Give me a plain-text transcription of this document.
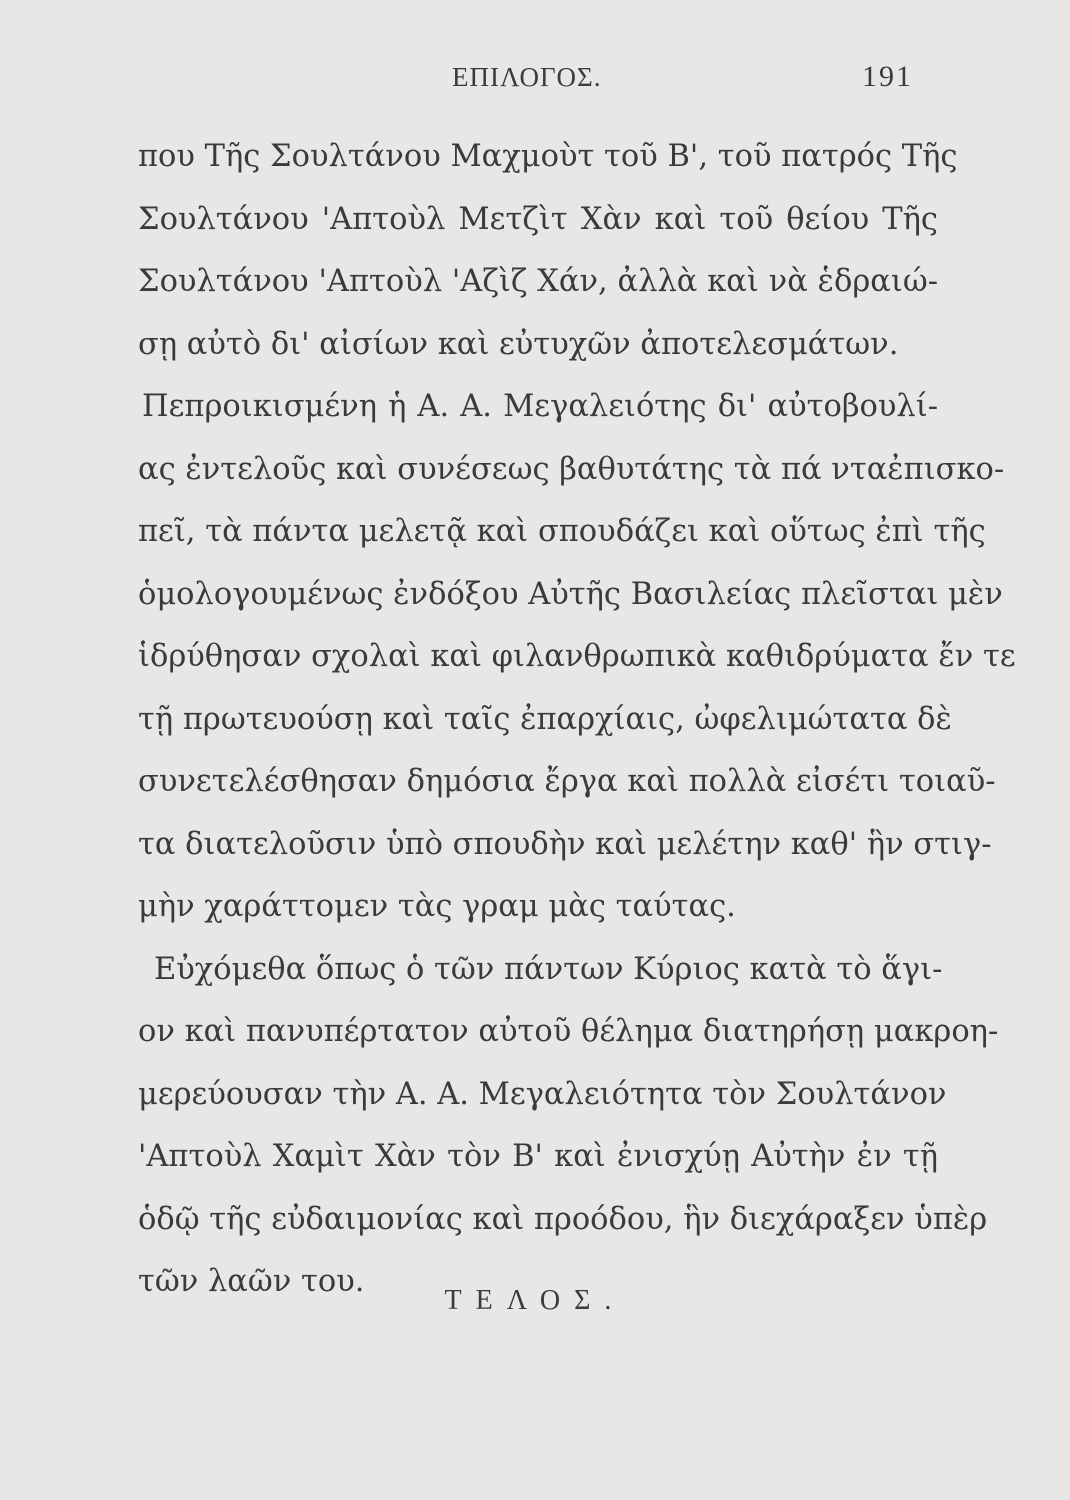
ΕΠΙΛΟΓΟΣ.	191
που Τῆς Σουλτάνου Μαχμοὺτ τοῦ Β', τοῦ πατρός Τῆς
Σουλτάνου 'Απτοὺλ Μετζὶτ Χὰν καὶ τοῦ θείου Τῆς
Σουλτάνου 'Απτοὺλ 'Αζὶζ Χάν, ἀλλὰ καὶ νὰ ἑδραιώ-
σῃ αὐτὸ δι' αἰσίων καὶ εὐτυχῶν ἀποτελεσμάτων.
Πεπροικισμένη ἡ Α. Α. Μεγαλειότης δι' αὐτοβουλί-
ας ἐντελοῦς καὶ συνέσεως βαθυτάτης τὰ πά νταἐπισκο-
πεῖ, τὰ πάντα μελετᾷ καὶ σπουδάζει καὶ οὕτως ἐπὶ τῆς
ὁμολογουμένως ἐνδόξου Αὐτῆς Βασιλείας πλεῖσται μὲν
ἱδρύθησαν σχολαὶ καὶ φιλανθρωπικὰ καθιδρύματα ἔν τε
τῇ πρωτευούσῃ καὶ ταῖς ἐπαρχίαις, ὠφελιμώτατα δὲ
συνετελέσθησαν δημόσια ἔργα καὶ πολλὰ εἰσέτι τοιαῦ-
τα διατελοῦσιν ὑπὸ σπουδὴν καὶ μελέτην καθ' ἣν στιγ-
μὴν χαράττομεν τὰς γραμ μὰς ταύτας.
Εὐχόμεθα ὅπως ὁ τῶν πάντων Κύριος κατὰ τὸ ἅγι-
ον καὶ πανυπέρτατον αὐτοῦ θέλημα διατηρήσῃ μακροη-
μερεύουσαν τὴν Α. Α. Μεγαλειότητα τὸν Σουλτάνον
'Απτοὺλ Χαμὶτ Χὰν τὸν Β' καὶ ἐνισχύῃ Αὐτὴν ἐν τῇ
ὁδῷ τῆς εὐδαιμονίας καὶ προόδου, ἣν διεχάραξεν ὑπὲρ
τῶν λαῶν του.
ΤΕΛΟΣ.
